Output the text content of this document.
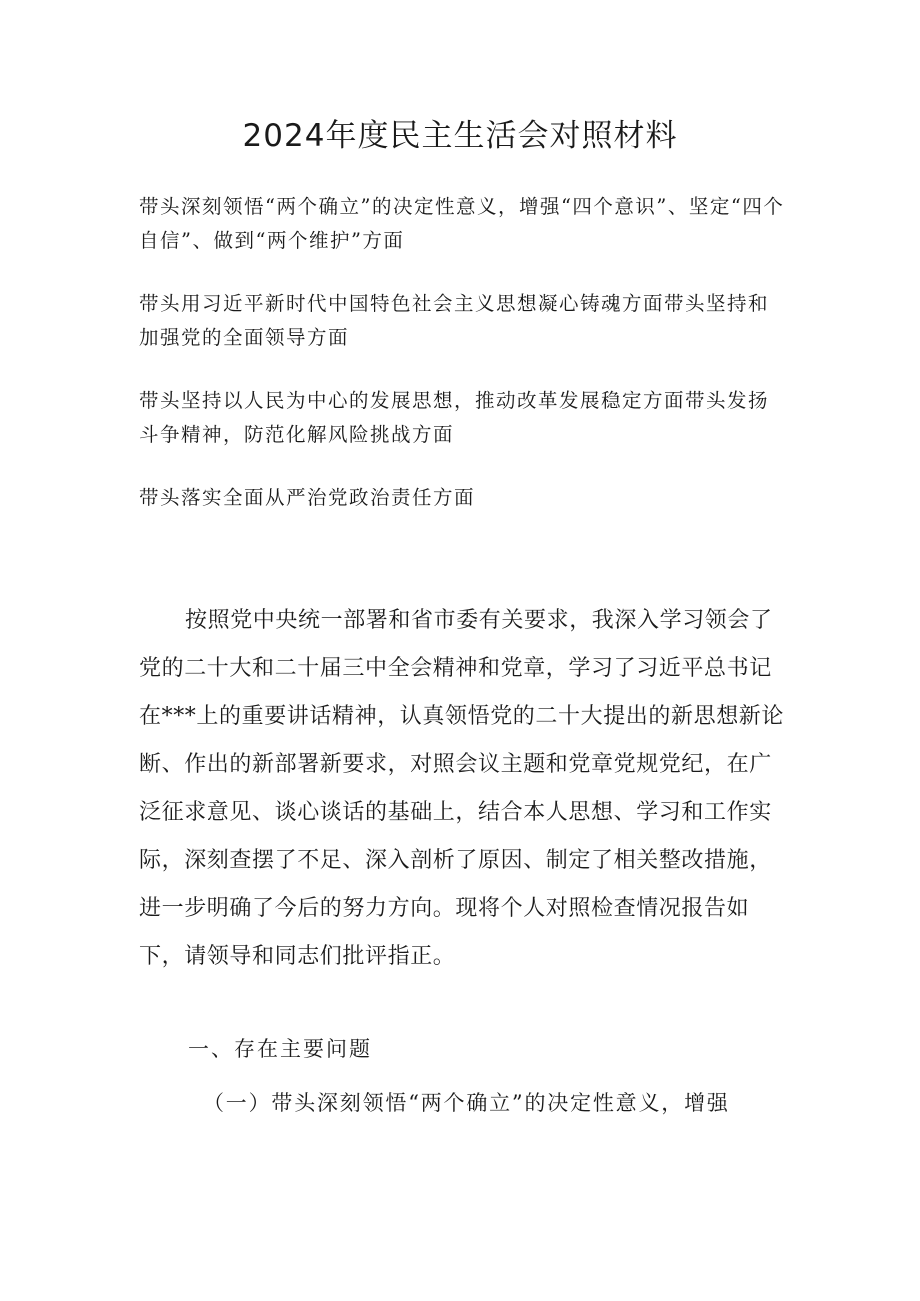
2024年度民主生活会对照材料
带头深刻领悟“两个确立”的决定性意义，增强“四个意识”、坚定“四个自信”、做到“两个维护”方面
带头用习近平新时代中国特色社会主义思想凝心铸魂方面带头坚持和加强党的全面领导方面
带头坚持以人民为中心的发展思想，推动改革发展稳定方面带头发扬斗争精神，防范化解风险挑战方面
带头落实全面从严治党政治责任方面

按照党中央统一部署和省市委有关要求，我深入学习领会了党的二十大和二十届三中全会精神和党章，学习了习近平总书记在***上的重要讲话精神，认真领悟党的二十大提出的新思想新论断、作出的新部署新要求，对照会议主题和党章党规党纪，在广泛征求意见、谈心谈话的基础上，结合本人思想、学习和工作实际，深刻查摆了不足、深入剖析了原因、制定了相关整改措施，进一步明确了今后的努力方向。现将个人对照检查情况报告如下，请领导和同志们批评指正。

一、存在主要问题

（一）带头深刻领悟“两个确立”的决定性意义，增强
